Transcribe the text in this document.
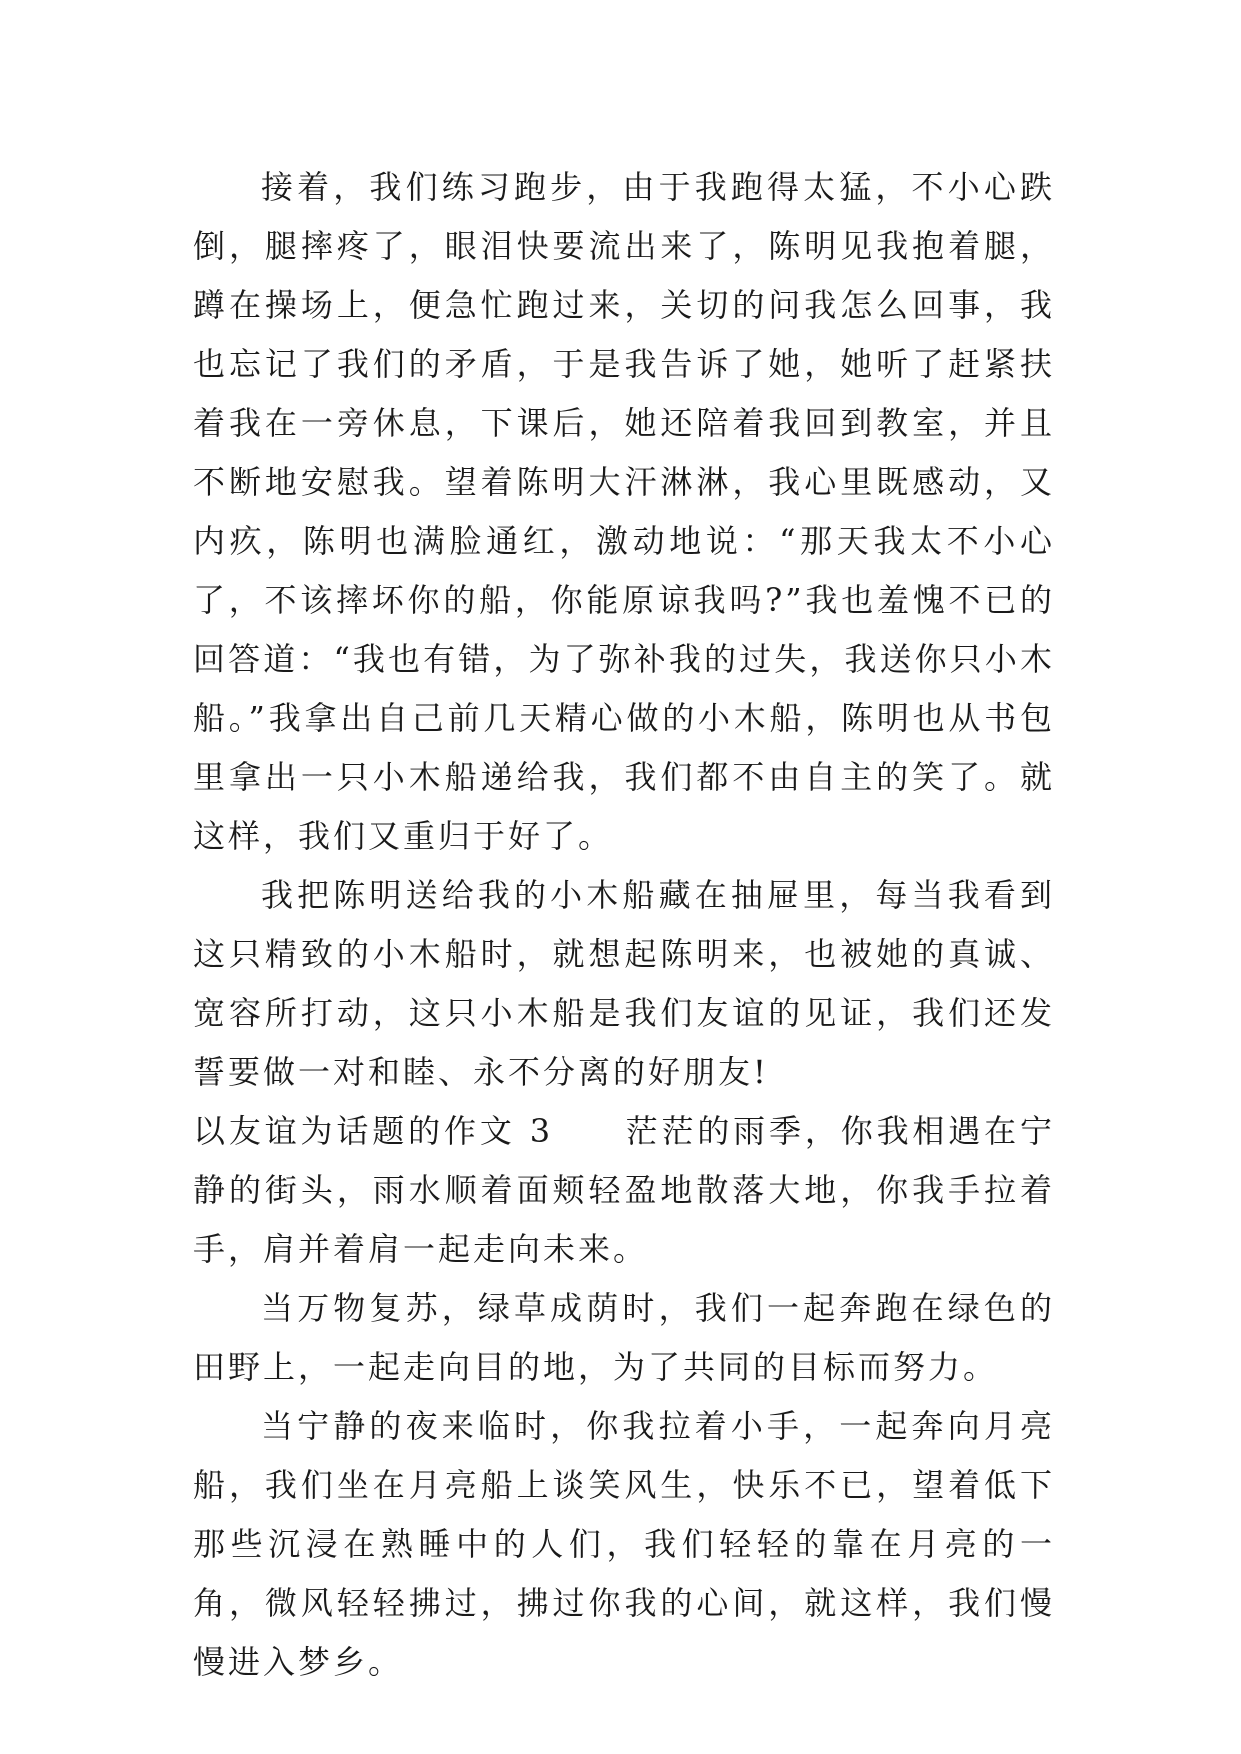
接着，我们练习跑步，由于我跑得太猛，不小心跌倒，腿摔疼了，眼泪快要流出来了，陈明见我抱着腿，蹲在操场上，便急忙跑过来，关切的问我怎么回事，我也忘记了我们的矛盾，于是我告诉了她，她听了赶紧扶着我在一旁休息，下课后，她还陪着我回到教室，并且不断地安慰我。望着陈明大汗淋淋，我心里既感动，又内疚，陈明也满脸通红，激动地说：“那天我太不小心了，不该摔坏你的船，你能原谅我吗?”我也羞愧不已的回答道：“我也有错，为了弥补我的过失，我送你只小木船。”我拿出自己前几天精心做的小木船，陈明也从书包里拿出一只小木船递给我，我们都不由自主的笑了。就这样，我们又重归于好了。

我把陈明送给我的小木船藏在抽屉里，每当我看到这只精致的小木船时，就想起陈明来，也被她的真诚、宽容所打动，这只小木船是我们友谊的见证，我们还发誓要做一对和睦、永不分离的好朋友!

以友谊为话题的作文 3　　茫茫的雨季，你我相遇在宁静的街头，雨水顺着面颊轻盈地散落大地，你我手拉着手，肩并着肩一起走向未来。

当万物复苏，绿草成荫时，我们一起奔跑在绿色的田野上，一起走向目的地，为了共同的目标而努力。

当宁静的夜来临时，你我拉着小手，一起奔向月亮船，我们坐在月亮船上谈笑风生，快乐不已，望着低下那些沉浸在熟睡中的人们，我们轻轻的靠在月亮的一角，微风轻轻拂过，拂过你我的心间，就这样，我们慢慢进入梦乡。
